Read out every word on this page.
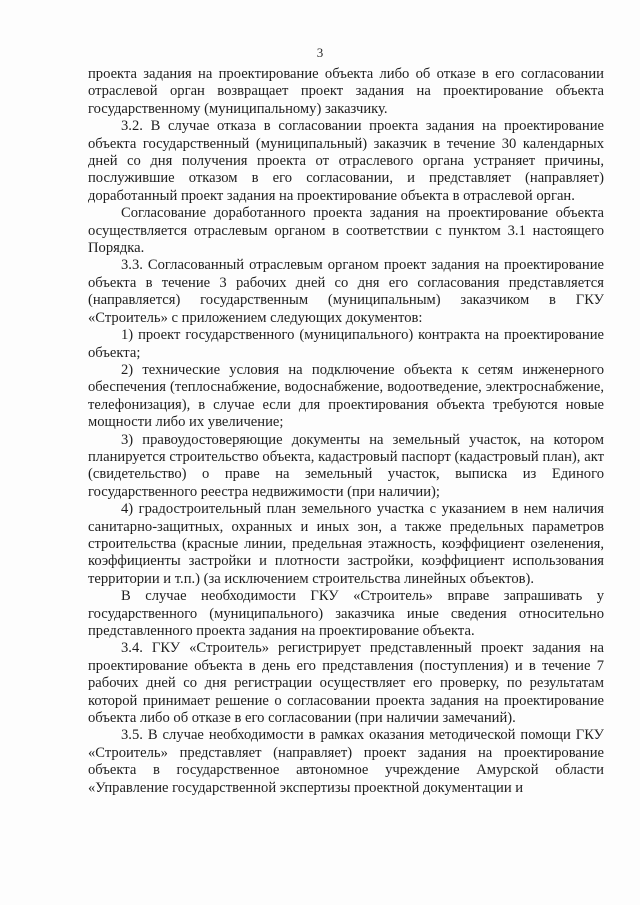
3

проекта задания на проектирование объекта либо об отказе в его согласовании отраслевой орган возвращает проект задания на проектирование объекта государственному (муниципальному) заказчику.

3.2. В случае отказа в согласовании проекта задания на проектирование объекта государственный (муниципальный) заказчик в течение 30 календарных дней со дня получения проекта от отраслевого органа устраняет причины, послужившие отказом в его согласовании, и представляет (направляет) доработанный проект задания на проектирование объекта в отраслевой орган.

Согласование доработанного проекта задания на проектирование объекта осуществляется отраслевым органом в соответствии с пунктом 3.1 настоящего Порядка.

3.3. Согласованный отраслевым органом проект задания на проектирование объекта в течение 3 рабочих дней со дня его согласования представляется (направляется) государственным (муниципальным) заказчиком в ГКУ «Строитель» с приложением следующих документов:

1) проект государственного (муниципального) контракта на проектирование объекта;

2) технические условия на подключение объекта к сетям инженерного обеспечения (теплоснабжение, водоснабжение, водоотведение, электроснабжение, телефонизация), в случае если для проектирования объекта требуются новые мощности либо их увеличение;

3) правоудостоверяющие документы на земельный участок, на котором планируется строительство объекта, кадастровый паспорт (кадастровый план), акт (свидетельство) о праве на земельный участок, выписка из Единого государственного реестра недвижимости (при наличии);

4) градостроительный план земельного участка с указанием в нем наличия санитарно-защитных, охранных и иных зон, а также предельных параметров строительства (красные линии, предельная этажность, коэффициент озеленения, коэффициенты застройки и плотности застройки, коэффициент использования территории и т.п.) (за исключением строительства линейных объектов).

В случае необходимости ГКУ «Строитель» вправе запрашивать у государственного (муниципального) заказчика иные сведения относительно представленного проекта задания на проектирование объекта.

3.4. ГКУ «Строитель» регистрирует представленный проект задания на проектирование объекта в день его представления (поступления) и в течение 7 рабочих дней со дня регистрации осуществляет его проверку, по результатам которой принимает решение о согласовании проекта задания на проектирование объекта либо об отказе в его согласовании (при наличии замечаний).

3.5. В случае необходимости в рамках оказания методической помощи ГКУ «Строитель» представляет (направляет) проект задания на проектирование объекта в государственное автономное учреждение Амурской области «Управление государственной экспертизы проектной документации и
